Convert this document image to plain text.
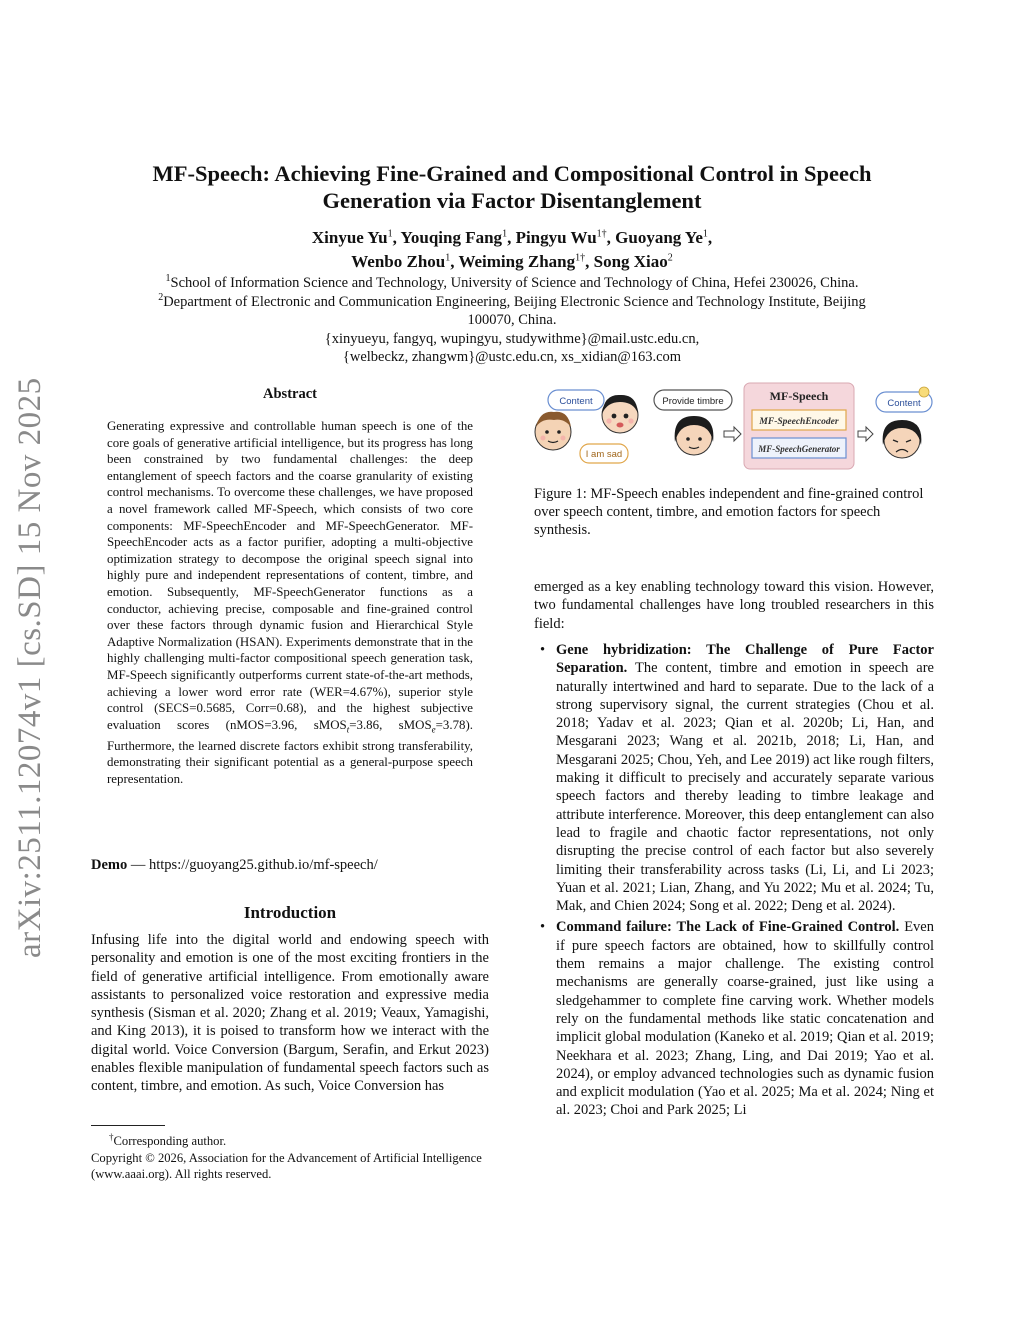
arXiv:2511.12074v1 [cs.SD] 15 Nov 2025
MF-Speech: Achieving Fine-Grained and Compositional Control in Speech
Generation via Factor Disentanglement
Xinyue Yu$^1$, Youqing Fang$^1$, Pingyu $Wu^{1\dagger}$, Guoyang Ye$^1$,
Wenbo Zhou$^1$, Weiming Zhang$^{1\dagger}$, Song Xiao$^2$
$^1$School of Information Science and Technology, University of Science and Technology of China, Hefei 230026, China.
$^2$Department of Electronic and Communication Engineering, Beijing Electronic Science and Technology Institute, Beijing
100070, China.
{xinyueyu, fangyq, wupingyu, studywithme}@mail.ustc.edu.cn,
{welbeckz, zhangwm}@ustc.edu.cn, xs_xidian@163.com
Abstract
Generating expressive and controllable human speech is one of the core goals of generative artificial intelligence, but its progress has long been constrained by two fundamental challenges: the deep entanglement of speech factors and the coarse granularity of existing control mechanisms. To overcome these challenges, we have proposed a novel framework called MF-Speech, which consists of two core components: MF-SpeechEncoder and MF-SpeechGenerator. MF-SpeechEncoder acts as a factor purifier, adopting a multi-objective optimization strategy to decompose the original speech signal into highly pure and independent representations of content, timbre, and emotion. Subsequently, MF-SpeechGenerator functions as a conductor, achieving precise, composable and fine-grained control over these factors through dynamic fusion and Hierarchical Style Adaptive Normalization (HSAN). Experiments demonstrate that in the highly challenging multi-factor compositional speech generation task, MF-Speech significantly outperforms current state-of-the-art methods, achieving a lower word error rate (WER=4.67%), superior style control (SECS=0.5685, Corr=0.68), and the highest subjective evaluation scores (nMOS=3.96, sMOS$_t$=3.86, sMOS$_e$=3.78). Furthermore, the learned discrete factors exhibit strong transferability, demonstrating their significant potential as a general-purpose speech representation.
Demo — https://guoyang25.github.io/mf-speech/
Introduction
Infusing life into the digital world and endowing speech with personality and emotion is one of the most exciting frontiers in the field of generative artificial intelligence. From emotionally aware assistants to personalized voice restoration and expressive media synthesis (Sisman et al. 2020; Zhang et al. 2019; Veaux, Yamagishi, and King 2013), it is poised to transform how we interact with the digital world. Voice Conversion (Bargum, Serafin, and Erkut 2023) enables flexible manipulation of fundamental speech factors such as content, timbre, and emotion. As such, Voice Conversion has
†Corresponding author.
Copyright © 2026, Association for the Advancement of Artificial Intelligence (www.aaai.org). All rights reserved.
Content
I am sad
Provide timbre	MF-Speech
MF-SpeechEncoder
MF-SpeechGenerator
Content
Figure 1: MF-Speech enables independent and fine-grained control over speech content, timbre, and emotion factors for speech synthesis.
emerged as a key enabling technology toward this vision. However, two fundamental challenges have long troubled researchers in this field:
• Gene hybridization: The Challenge of Pure Factor Separation. The content, timbre and emotion in speech are naturally intertwined and hard to separate. Due to the lack of a strong supervisory signal, the current strategies (Chou et al. 2018; Yadav et al. 2023; Qian et al. 2020b; Li, Han, and Mesgarani 2023; Wang et al. 2021b, 2018; Li, Han, and Mesgarani 2025; Chou, Yeh, and Lee 2019) act like rough filters, making it difficult to precisely and accurately separate various speech factors and thereby leading to timbre leakage and attribute interference. Moreover, this deep entanglement can also lead to fragile and chaotic factor representations, not only disrupting the precise control of each factor but also severely limiting their transferability across tasks (Li, Li, and Li 2023; Yuan et al. 2021; Lian, Zhang, and Yu 2022; Mu et al. 2024; Tu, Mak, and Chien 2024; Song et al. 2022; Deng et al. 2024).
• Command failure: The Lack of Fine-Grained Control. Even if pure speech factors are obtained, how to skillfully control them remains a major challenge. The existing control mechanisms are generally coarse-grained, just like using a sledgehammer to complete fine carving work. Whether models rely on the fundamental methods like static concatenation and implicit global modulation (Kaneko et al. 2019; Qian et al. 2019; Neekhara et al. 2023; Zhang, Ling, and Dai 2019; Yao et al. 2024), or employ advanced technologies such as dynamic fusion and explicit modulation (Yao et al. 2025; Ma et al. 2024; Ning et al. 2023; Choi and Park 2025; Li
